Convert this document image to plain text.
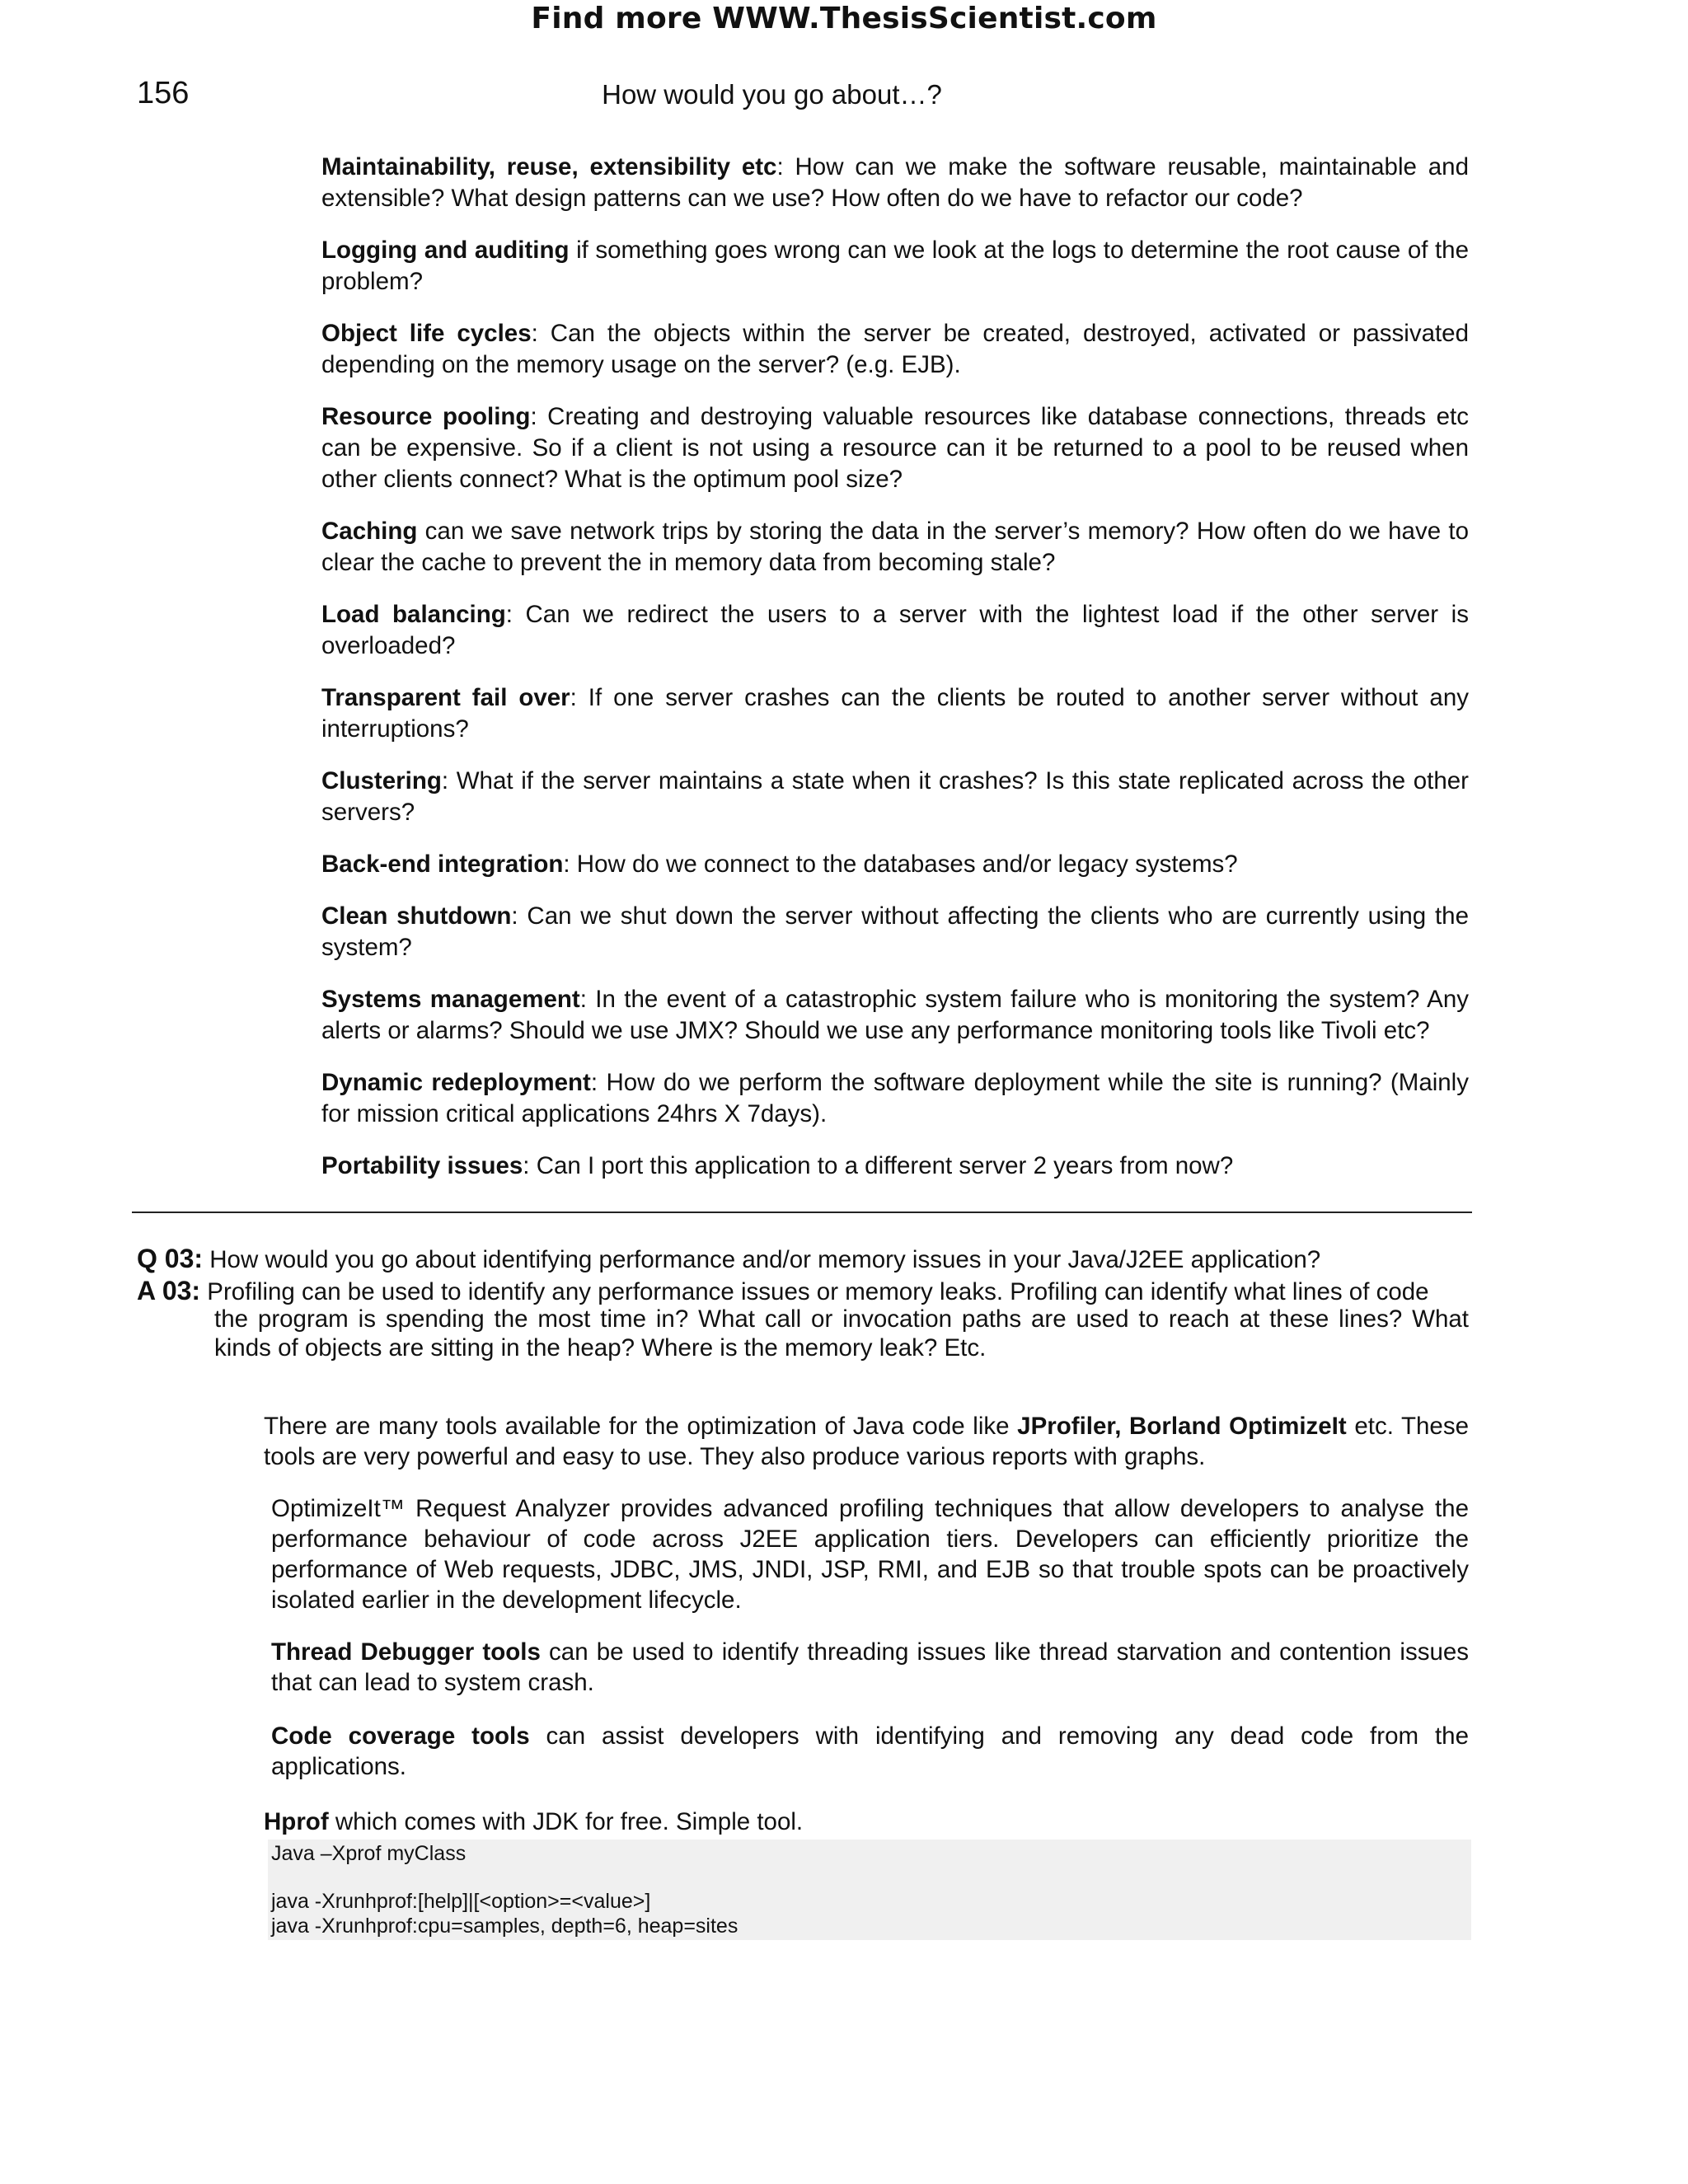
Find more WWW.ThesisScientist.com
156	How would you go about…?

Maintainability, reuse, extensibility etc: How can we make the software reusable, maintainable and extensible? What design patterns can we use? How often do we have to refactor our code?

Logging and auditing if something goes wrong can we look at the logs to determine the root cause of the problem?

Object life cycles: Can the objects within the server be created, destroyed, activated or passivated depending on the memory usage on the server? (e.g. EJB).

Resource pooling: Creating and destroying valuable resources like database connections, threads etc can be expensive. So if a client is not using a resource can it be returned to a pool to be reused when other clients connect? What is the optimum pool size?

Caching can we save network trips by storing the data in the server’s memory? How often do we have to clear the cache to prevent the in memory data from becoming stale?

Load balancing: Can we redirect the users to a server with the lightest load if the other server is overloaded?

Transparent fail over: If one server crashes can the clients be routed to another server without any interruptions?

Clustering: What if the server maintains a state when it crashes? Is this state replicated across the other servers?

Back-end integration: How do we connect to the databases and/or legacy systems?

Clean shutdown: Can we shut down the server without affecting the clients who are currently using the system?

Systems management: In the event of a catastrophic system failure who is monitoring the system? Any alerts or alarms? Should we use JMX? Should we use any performance monitoring tools like Tivoli etc?

Dynamic redeployment: How do we perform the software deployment while the site is running? (Mainly for mission critical applications 24hrs X 7days).

Portability issues: Can I port this application to a different server 2 years from now?

Q 03: How would you go about identifying performance and/or memory issues in your Java/J2EE application?
A 03: Profiling can be used to identify any performance issues or memory leaks. Profiling can identify what lines of code
the program is spending the most time in? What call or invocation paths are used to reach at these lines? What kinds of objects are sitting in the heap? Where is the memory leak? Etc.

There are many tools available for the optimization of Java code like JProfiler, Borland OptimizeIt etc. These tools are very powerful and easy to use. They also produce various reports with graphs.

OptimizeIt™ Request Analyzer provides advanced profiling techniques that allow developers to analyse the performance behaviour of code across J2EE application tiers. Developers can efficiently prioritize the performance of Web requests, JDBC, JMS, JNDI, JSP, RMI, and EJB so that trouble spots can be proactively isolated earlier in the development lifecycle.

Thread Debugger tools can be used to identify threading issues like thread starvation and contention issues that can lead to system crash.

Code coverage tools can assist developers with identifying and removing any dead code from the applications.

Hprof which comes with JDK for free. Simple tool.

Java –Xprof myClass
java -Xrunhprof:[help]|[<option>=<value>]
java -Xrunhprof:cpu=samples, depth=6, heap=sites
